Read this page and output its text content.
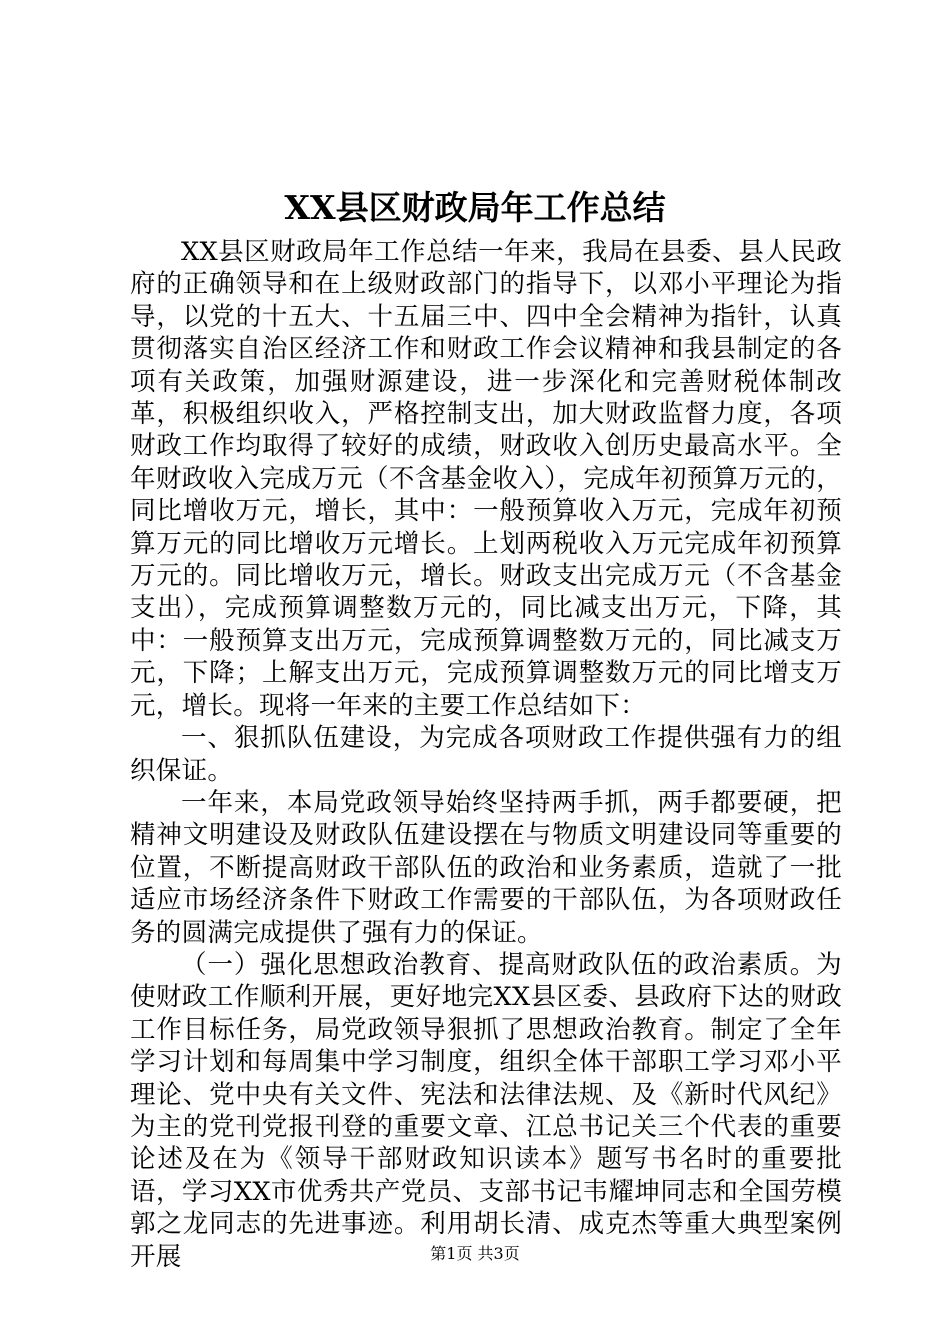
XX县区财政局年工作总结

XX县区财政局年工作总结一年来，我局在县委、县人民政府的正确领导和在上级财政部门的指导下，以邓小平理论为指导，以党的十五大、十五届三中、四中全会精神为指针，认真贯彻落实自治区经济工作和财政工作会议精神和我县制定的各项有关政策，加强财源建设，进一步深化和完善财税体制改革，积极组织收入，严格控制支出，加大财政监督力度，各项财政工作均取得了较好的成绩，财政收入创历史最高水平。全年财政收入完成万元（不含基金收入），完成年初预算万元的，同比增收万元，增长，其中：一般预算收入万元，完成年初预算万元的同比增收万元增长。上划两税收入万元完成年初预算万元的。同比增收万元，增长。财政支出完成万元（不含基金支出），完成预算调整数万元的，同比减支出万元，下降，其中：一般预算支出万元，完成预算调整数万元的，同比减支万元，下降；上解支出万元，完成预算调整数万元的同比增支万元，增长。现将一年来的主要工作总结如下：

一、狠抓队伍建设，为完成各项财政工作提供强有力的组织保证。

一年来，本局党政领导始终坚持两手抓，两手都要硬，把精神文明建设及财政队伍建设摆在与物质文明建设同等重要的位置，不断提高财政干部队伍的政治和业务素质，造就了一批适应市场经济条件下财政工作需要的干部队伍，为各项财政任务的圆满完成提供了强有力的保证。

（一）强化思想政治教育、提高财政队伍的政治素质。为使财政工作顺利开展，更好地完XX县区委、县政府下达的财政工作目标任务，局党政领导狠抓了思想政治教育。制定了全年学习计划和每周集中学习制度，组织全体干部职工学习邓小平理论、党中央有关文件、宪法和法律法规、及《新时代风纪》为主的党刊党报刊登的重要文章、江总书记关三个代表的重要论述及在为《领导干部财政知识读本》题写书名时的重要批语，学习XX市优秀共产党员、支部书记韦耀坤同志和全国劳模郭之龙同志的先进事迹。利用胡长清、成克杰等重大典型案例开展	第1页 共3页
